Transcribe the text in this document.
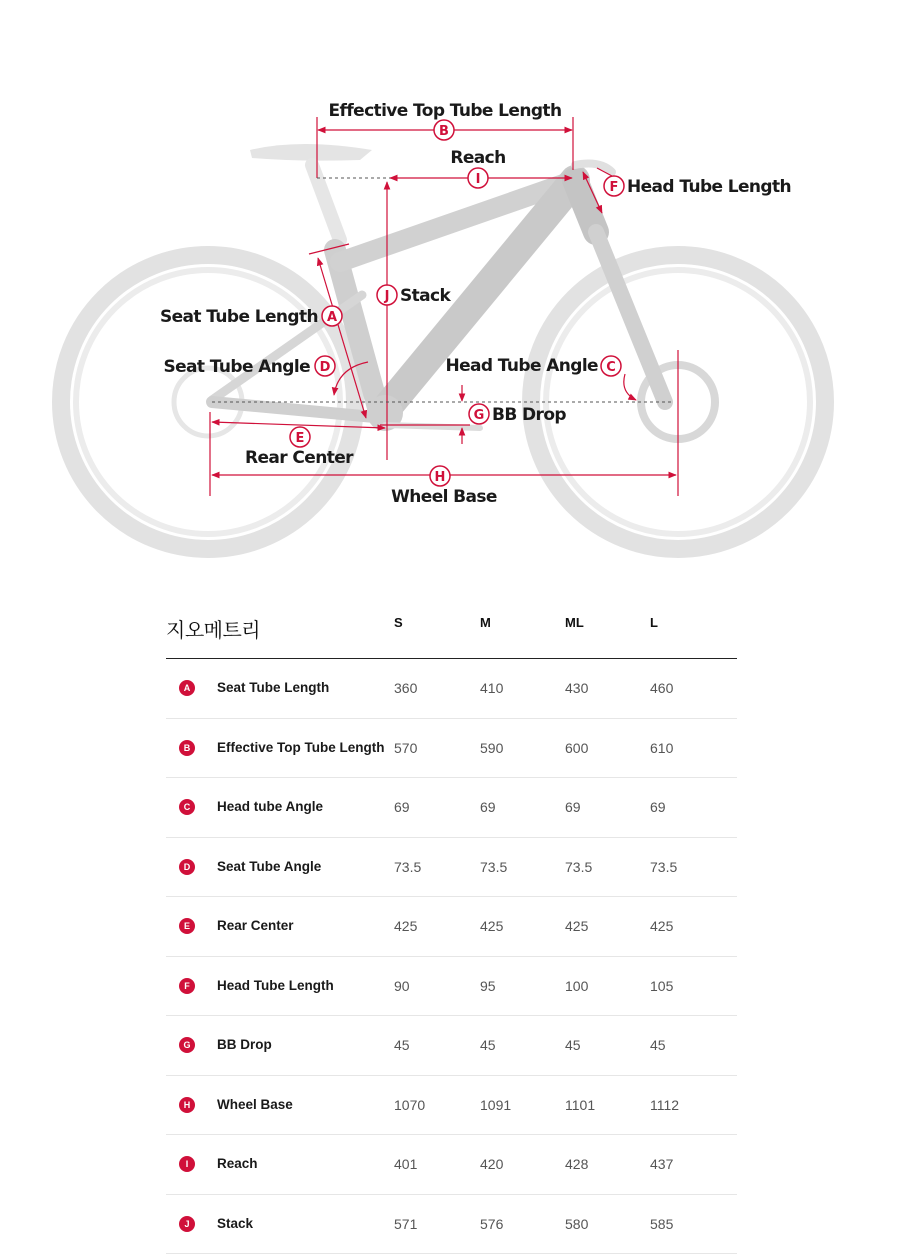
B
I
F
J
A
D	C
G
E
H
Effective Top Tube Length
Reach
Head Tube Length
Stack
Seat Tube Length
Seat Tube Angle	Head Tube Angle
BB Drop
Rear Center
Wheel Base
지오메트리	S	M	ML	L
A	Seat Tube Length	360	410	430	460
B	Effective Top Tube Length 570	590	600	610
C	Head tube Angle	69	69	69	69
D	Seat Tube Angle	73.5	73.5	73.5	73.5
E	Rear Center	425	425	425	425
F	Head Tube Length	90	95	100	105
G	BB Drop	45	45	45	45
H	Wheel Base	1070	1091	1101	1112
I	Reach	401	420	428	437
J	Stack	571	576	580	585
